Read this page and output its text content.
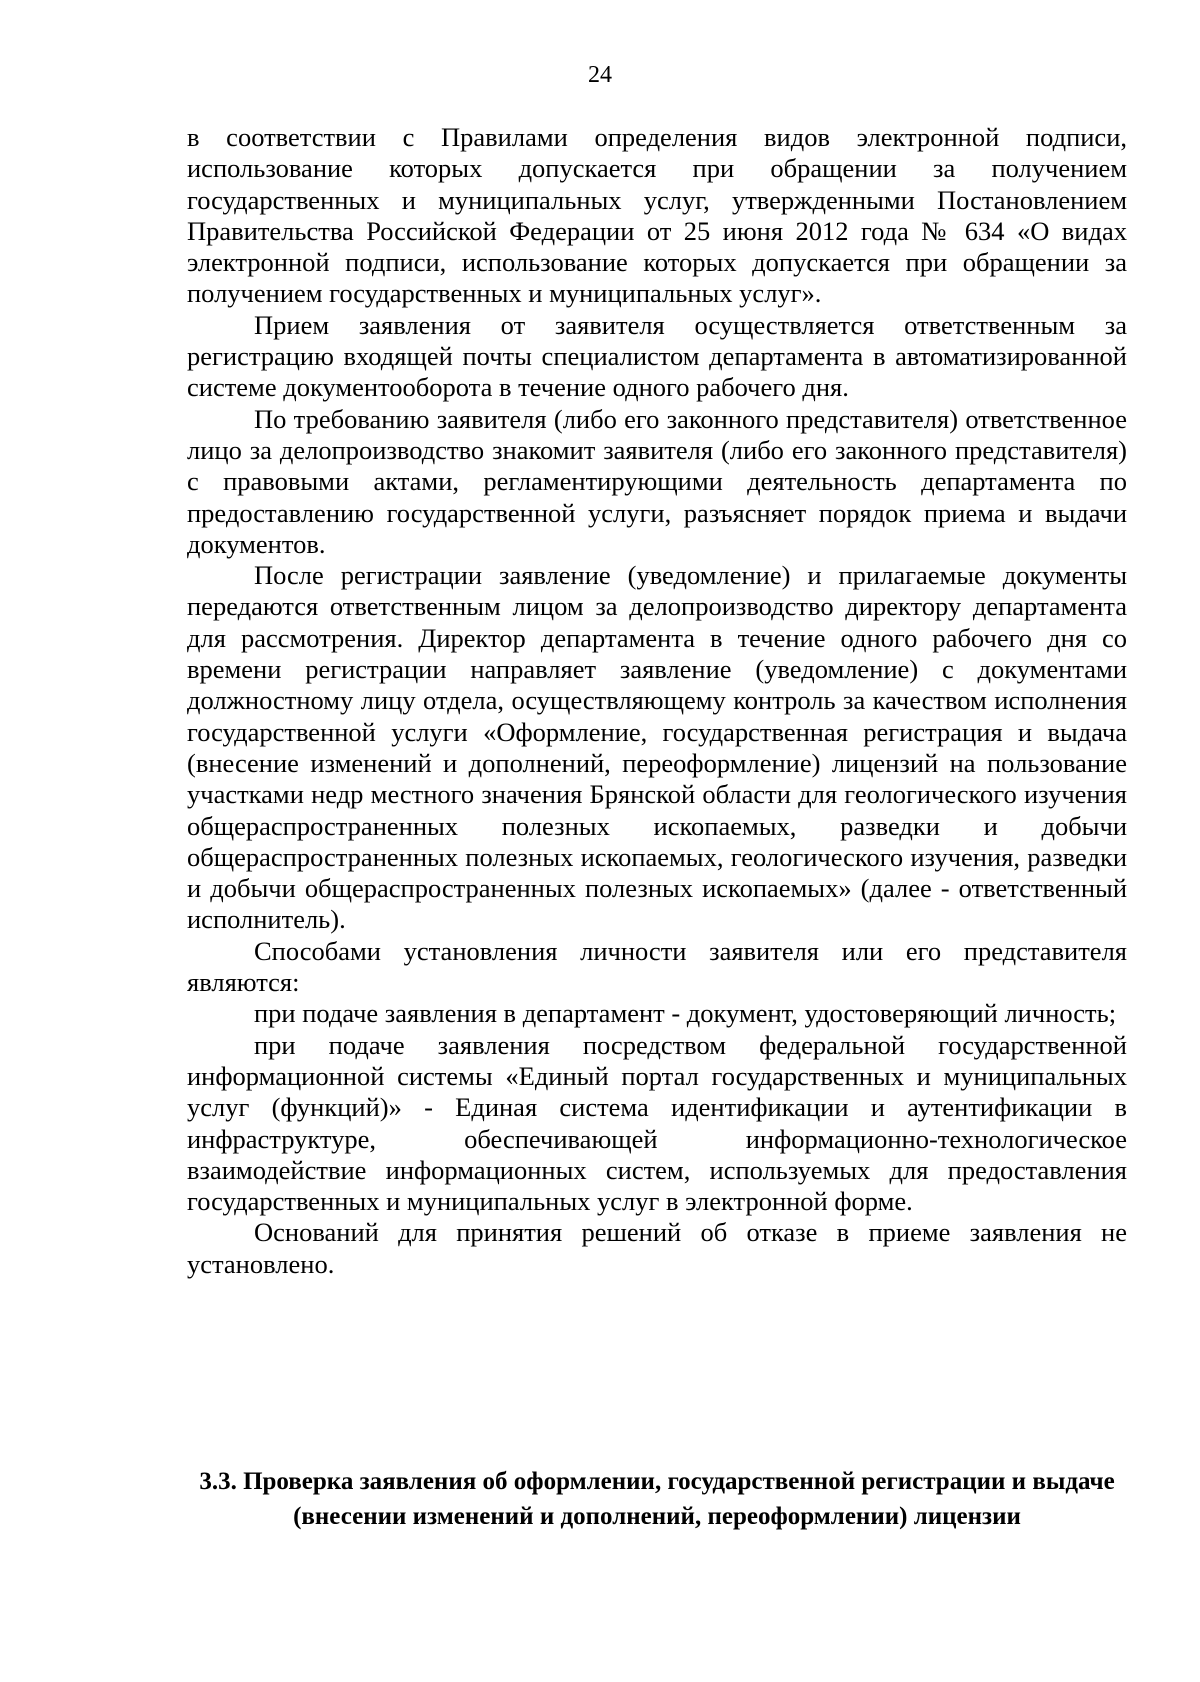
24

в соответствии с Правилами определения видов электронной подписи, использование которых допускается при обращении за получением государственных и муниципальных услуг, утвержденными Постановлением Правительства Российской Федерации от 25 июня 2012 года № 634 «О видах электронной подписи, использование которых допускается при обращении за получением государственных и муниципальных услуг».

Прием заявления от заявителя осуществляется ответственным за регистрацию входящей почты специалистом департамента в автоматизированной системе документооборота в течение одного рабочего дня.

По требованию заявителя (либо его законного представителя) ответственное лицо за делопроизводство знакомит заявителя (либо его законного представителя) с правовыми актами, регламентирующими деятельность департамента по предоставлению государственной услуги, разъясняет порядок приема и выдачи документов.

После регистрации заявление (уведомление) и прилагаемые документы передаются ответственным лицом за делопроизводство директору департамента для рассмотрения. Директор департамента в течение одного рабочего дня со времени регистрации направляет заявление (уведомление) с документами должностному лицу отдела, осуществляющему контроль за качеством исполнения государственной услуги «Оформление, государственная регистрация и выдача (внесение изменений и дополнений, переоформление) лицензий на пользование участками недр местного значения Брянской области для геологического изучения общераспространенных полезных ископаемых, разведки и добычи общераспространенных полезных ископаемых, геологического изучения, разведки и добычи общераспространенных полезных ископаемых» (далее - ответственный исполнитель).

Способами установления личности заявителя или его представителя являются:

при подаче заявления в департамент - документ, удостоверяющий личность;

при подаче заявления посредством федеральной государственной информационной системы «Единый портал государственных и муниципальных услуг (функций)» - Единая система идентификации и аутентификации в инфраструктуре, обеспечивающей информационно-технологическое взаимодействие информационных систем, используемых для предоставления государственных и муниципальных услуг в электронной форме.

Оснований для принятия решений об отказе в приеме заявления не установлено.

3.3. Проверка заявления об оформлении, государственной регистрации и выдаче (внесении изменений и дополнений, переоформлении) лицензии
